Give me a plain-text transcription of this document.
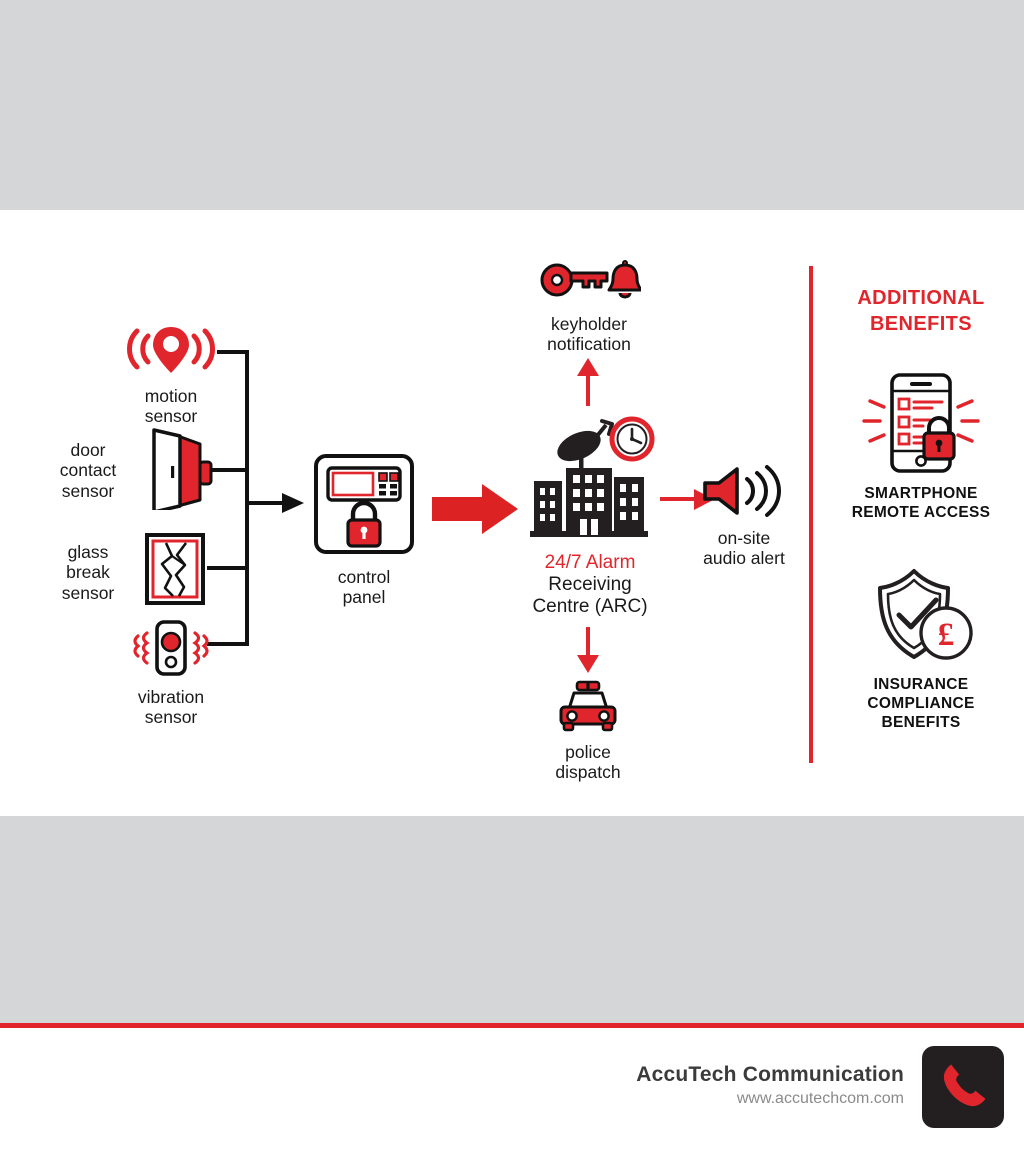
motion
sensor
door
contact
sensor
glass
break
sensor
vibration
sensor
control
panel
24/7 Alarm
Receiving
Centre (ARC)
keyholder
notification
on-site
audio alert
police
dispatch
ADDITIONAL
BENEFITS
SMARTPHONE
REMOTE ACCESS
£
INSURANCE
COMPLIANCE
BENEFITS
AccuTech Communication
www.accutechcom.com
